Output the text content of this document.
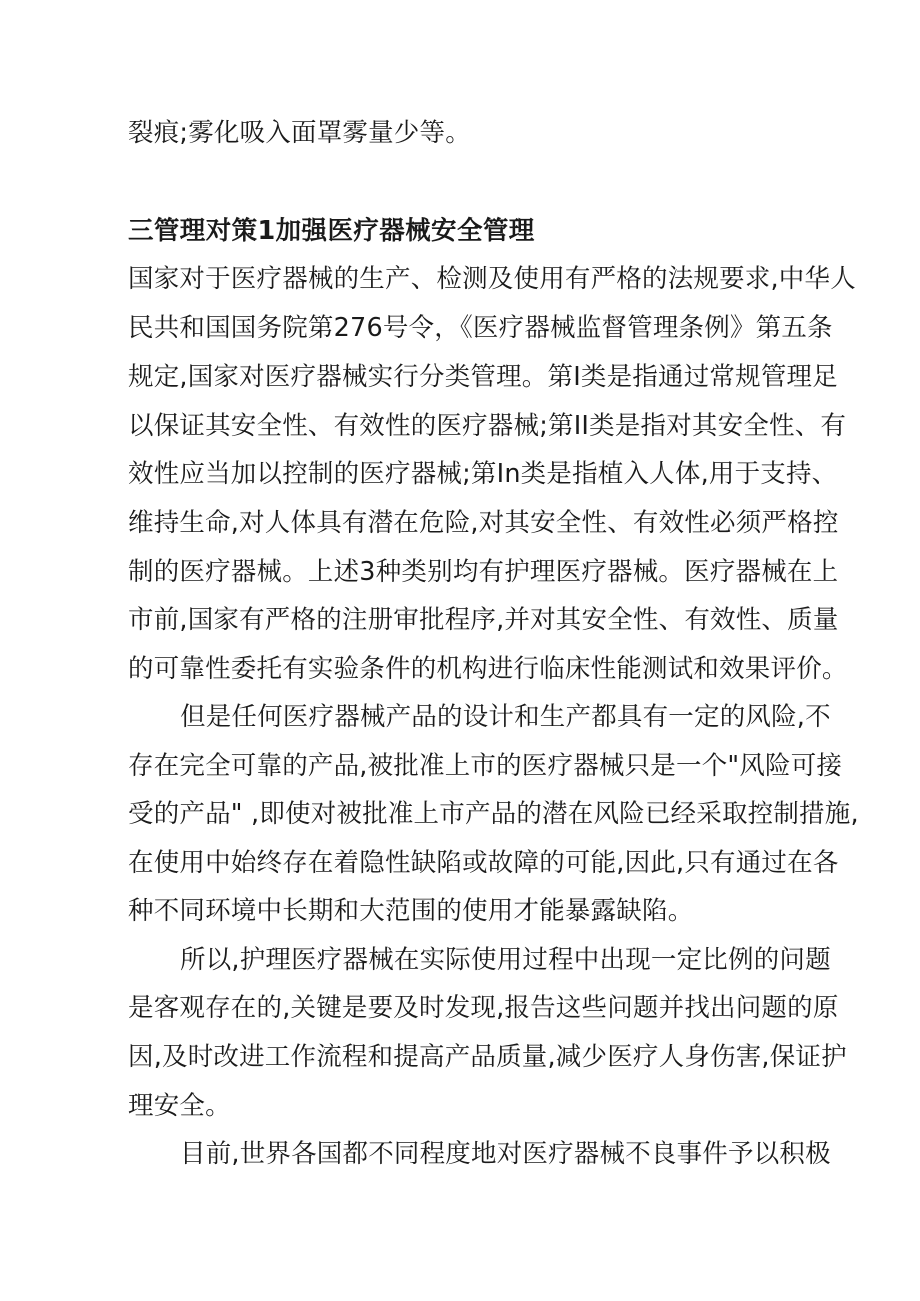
裂痕;雾化吸入面罩雾量少等。
三管理对策1加强医疗器械安全管理
国家对于医疗器械的生产、检测及使用有严格的法规要求,中华人
民共和国国务院第276号令，《医疗器械监督管理条例》第五条
规定,国家对医疗器械实行分类管理。第I类是指通过常规管理足
以保证其安全性、有效性的医疗器械;第II类是指对其安全性、有
效性应当加以控制的医疗器械;第In类是指植入人体,用于支持、
维持生命,对人体具有潜在危险,对其安全性、有效性必须严格控
制的医疗器械。上述3种类别均有护理医疗器械。医疗器械在上
市前,国家有严格的注册审批程序,并对其安全性、有效性、质量
的可靠性委托有实验条件的机构进行临床性能测试和效果评价。
但是任何医疗器械产品的设计和生产都具有一定的风险,不
存在完全可靠的产品,被批准上市的医疗器械只是一个"风险可接
受的产品" ,即使对被批准上市产品的潜在风险已经采取控制措施,
在使用中始终存在着隐性缺陷或故障的可能,因此,只有通过在各
种不同环境中长期和大范围的使用才能暴露缺陷。
所以,护理医疗器械在实际使用过程中出现一定比例的问题
是客观存在的,关键是要及时发现,报告这些问题并找出问题的原
因,及时改进工作流程和提高产品质量,减少医疗人身伤害,保证护
理安全。
目前,世界各国都不同程度地对医疗器械不良事件予以积极
